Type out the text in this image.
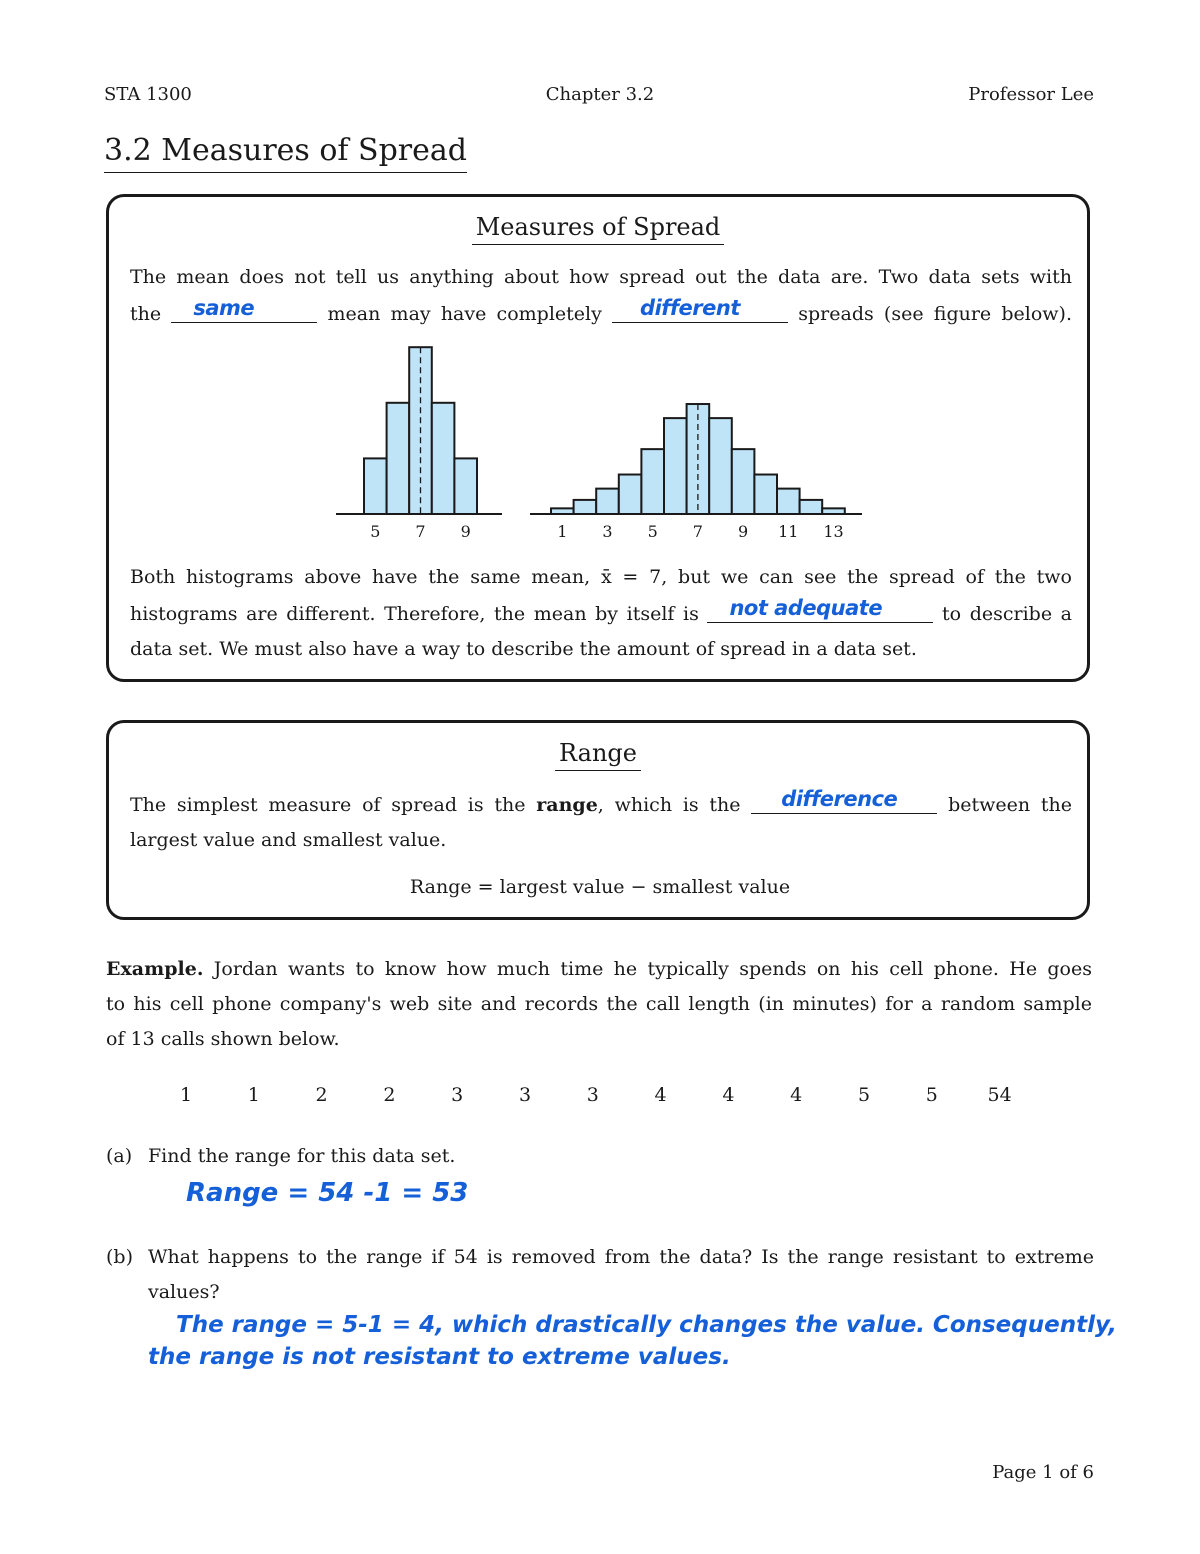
STA 1300	Chapter 3.2	Professor Lee
3.2 Measures of Spread
Measures of Spread
The mean does not tell us anything about how spread out the data are. Two data sets with
the same	mean may have completely different	spreads (see figure below).
5 7 9	1 3 5 7 9 11 13
Both histograms above have the same mean, x̄ = 7, but we can see the spread of the two
histograms are different. Therefore, the mean by itself is not adequate	to describe a
data set. We must also have a way to describe the amount of spread in a data set.
Range
The simplest measure of spread is the range, which is the difference	between the
largest value and smallest value.
Range = largest value − smallest value
Example. Jordan wants to know how much time he typically spends on his cell phone. He goes
to his cell phone company's web site and records the call length (in minutes) for a random sample
of 13 calls shown below.
1	1	2	2	3	3	3	4	4	4	5	5	54
(a) Find the range for this data set.
Range = 54 -1 = 53
(b) What happens to the range if 54 is removed from the data? Is the range resistant to extreme
values?
The range = 5-1 = 4, which drastically changes the value. Consequently,
the range is not resistant to extreme values.
Page 1 of 6
